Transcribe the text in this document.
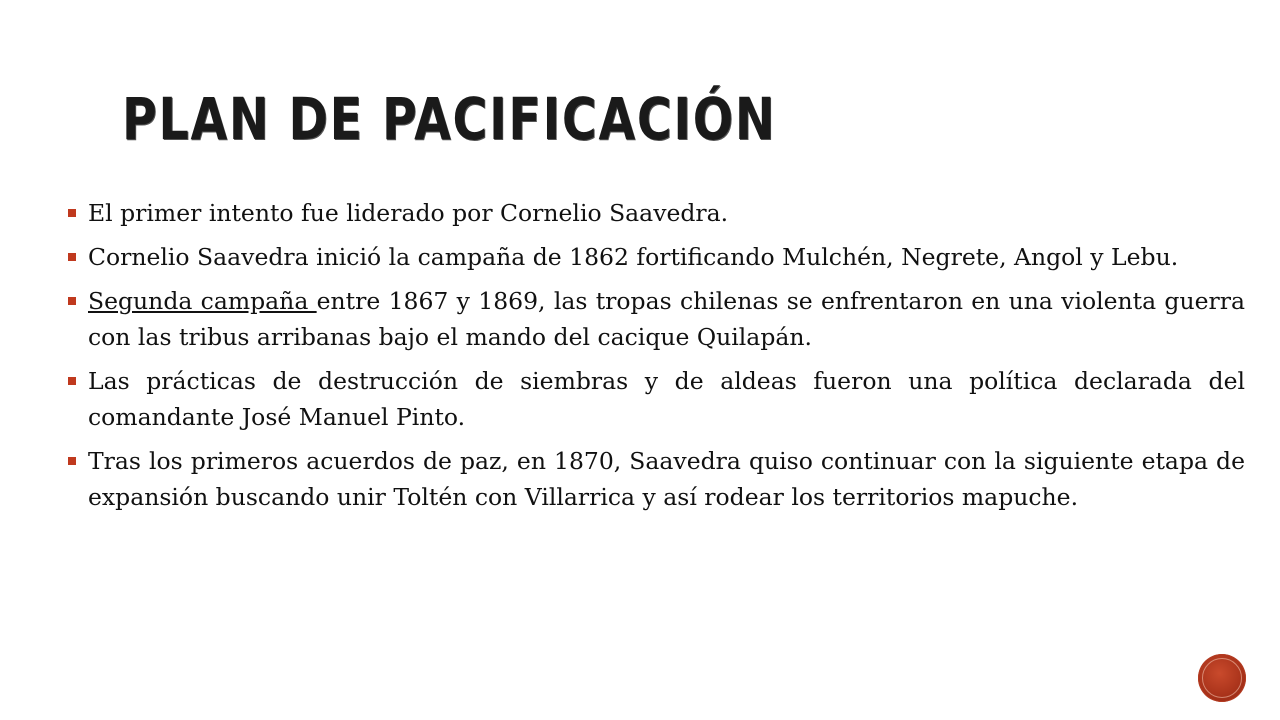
PLAN DE PACIFICACIÓN
El primer intento fue liderado por Cornelio Saavedra.
Cornelio Saavedra inició la campaña de 1862 fortificando Mulchén, Negrete, Angol y Lebu.
Segunda campaña entre 1867 y 1869, las tropas chilenas se enfrentaron en una violenta guerra con las tribus arribanas bajo el mando del cacique Quilapán.
Las prácticas de destrucción de siembras y de aldeas fueron una política declarada del comandante José Manuel Pinto.
Tras los primeros acuerdos de paz, en 1870, Saavedra quiso continuar con la siguiente etapa de expansión buscando unir Toltén con Villarrica y así rodear los territorios mapuche.
